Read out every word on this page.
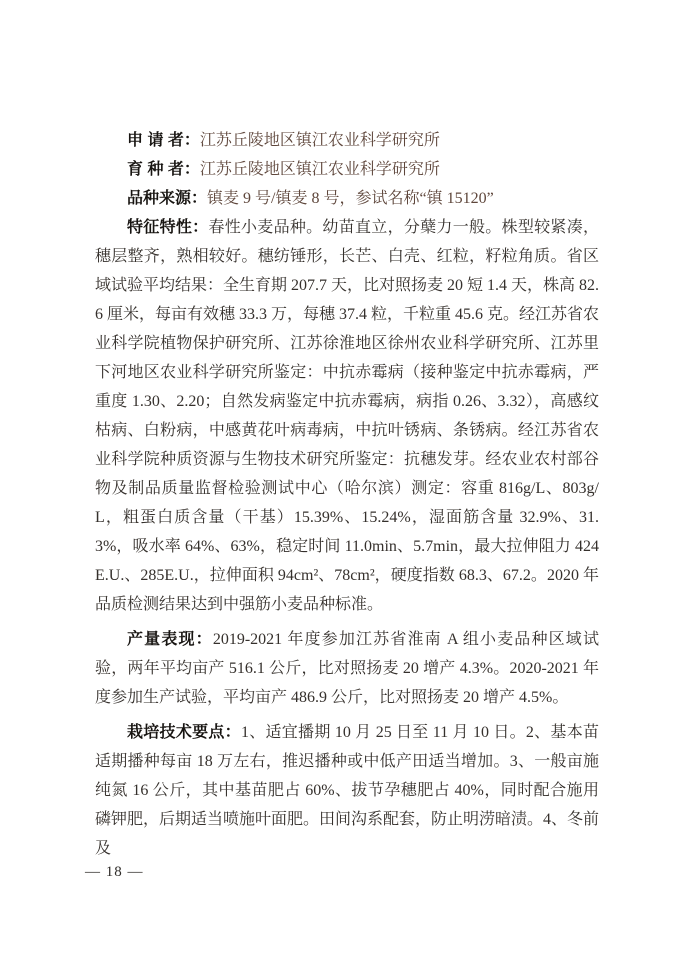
申 请 者：江苏丘陵地区镇江农业科学研究所

育 种 者：江苏丘陵地区镇江农业科学研究所

品种来源：镇麦 9 号/镇麦 8 号，参试名称“镇 15120”

特征特性：春性小麦品种。幼苗直立，分蘖力一般。株型较紧凑，穗层整齐，熟相较好。穗纺锤形，长芒、白壳、红粒，籽粒角质。省区域试验平均结果：全生育期 207.7 天，比对照扬麦 20 短 1.4 天，株高 82.6 厘米，每亩有效穗 33.3 万，每穗 37.4 粒，千粒重 45.6 克。经江苏省农业科学院植物保护研究所、江苏徐淮地区徐州农业科学研究所、江苏里下河地区农业科学研究所鉴定：中抗赤霉病（接种鉴定中抗赤霉病，严重度 1.30、2.20；自然发病鉴定中抗赤霉病，病指 0.26、3.32），高感纹枯病、白粉病，中感黄花叶病毒病，中抗叶锈病、条锈病。经江苏省农业科学院种质资源与生物技术研究所鉴定：抗穗发芽。经农业农村部谷物及制品质量监督检验测试中心（哈尔滨）测定：容重 816g/L、803g/L，粗蛋白质含量（干基）15.39%、15.24%，湿面筋含量 32.9%、31.3%，吸水率 64%、63%，稳定时间 11.0min、5.7min，最大拉伸阻力 424E.U.、285E.U.，拉伸面积 94cm²、78cm²，硬度指数 68.3、67.2。2020 年品质检测结果达到中强筋小麦品种标准。

产量表现：2019-2021 年度参加江苏省淮南 A 组小麦品种区域试验，两年平均亩产 516.1 公斤，比对照扬麦 20 增产 4.3%。2020-2021 年度参加生产试验，平均亩产 486.9 公斤，比对照扬麦 20 增产 4.5%。

栽培技术要点：1、适宜播期 10 月 25 日至 11 月 10 日。2、基本苗适期播种每亩 18 万左右，推迟播种或中低产田适当增加。3、一般亩施纯氮 16 公斤，其中基苗肥占 60%、拔节孕穗肥占 40%，同时配合施用磷钾肥，后期适当喷施叶面肥。田间沟系配套，防止明涝暗渍。4、冬前及

— 18 —
